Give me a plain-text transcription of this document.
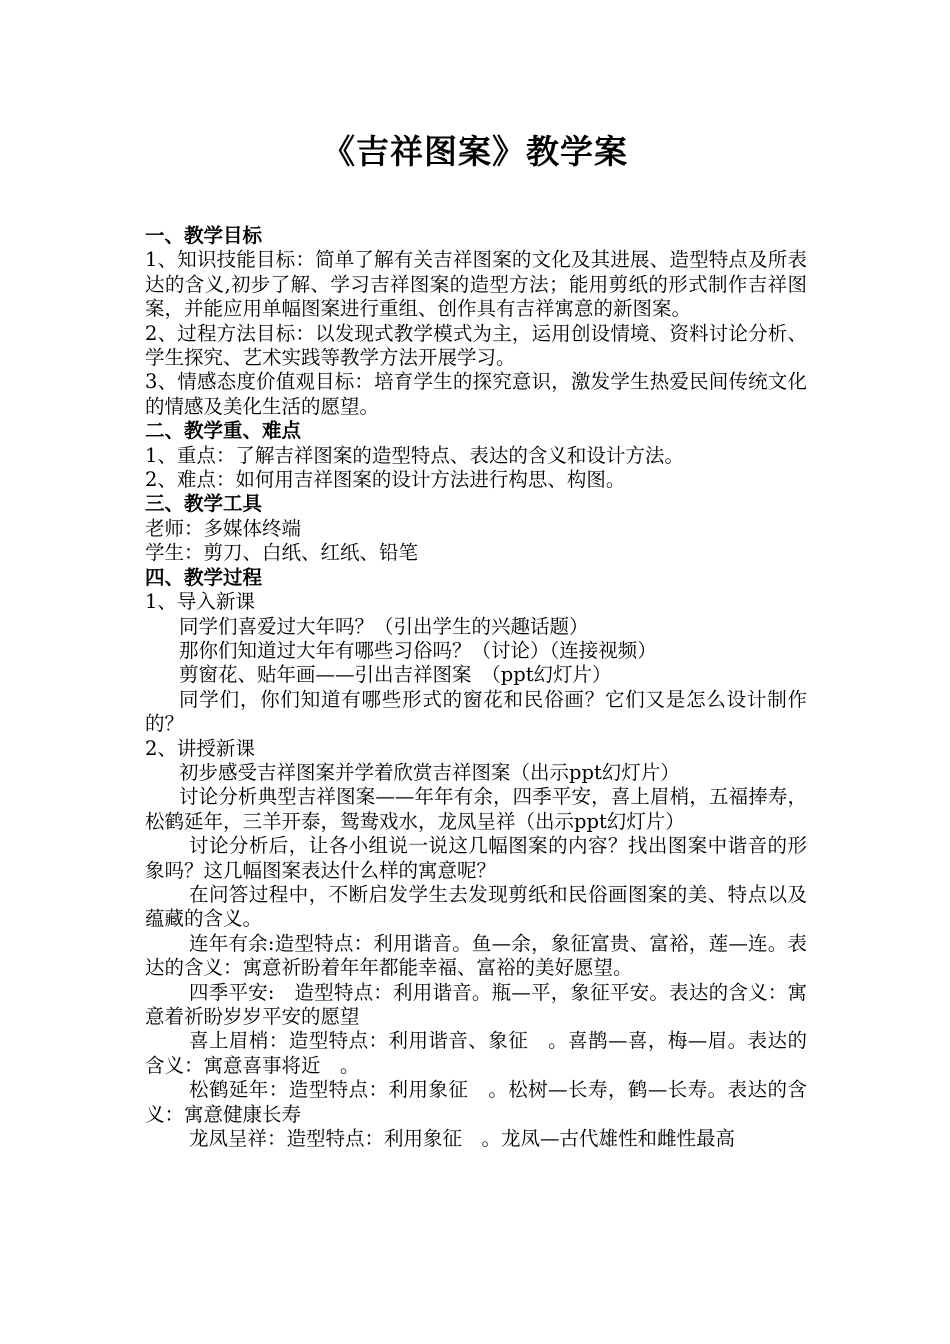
《吉祥图案》教学案

一、教学目标

1、知识技能目标：简单了解有关吉祥图案的文化及其进展、造型特点及所表达的含义,初步了解、学习吉祥图案的造型方法；能用剪纸的形式制作吉祥图案，并能应用单幅图案进行重组、创作具有吉祥寓意的新图案。

2、过程方法目标：以发现式教学模式为主，运用创设情境、资料讨论分析、学生探究、艺术实践等教学方法开展学习。

3、情感态度价值观目标：培育学生的探究意识，激发学生热爱民间传统文化的情感及美化生活的愿望。

二、教学重、难点

1、重点：了解吉祥图案的造型特点、表达的含义和设计方法。

2、难点：如何用吉祥图案的设计方法进行构思、构图。

三、教学工具

老师：多媒体终端

学生：剪刀、白纸、红纸、铅笔

四、教学过程

1、导入新课

同学们喜爱过大年吗？（引出学生的兴趣话题）

那你们知道过大年有哪些习俗吗？（讨论）（连接视频）

剪窗花、贴年画——引出吉祥图案　（ppt幻灯片）

同学们，你们知道有哪些形式的窗花和民俗画？它们又是怎么设计制作的？

2、讲授新课

初步感受吉祥图案并学着欣赏吉祥图案（出示ppt幻灯片）

讨论分析典型吉祥图案——年年有余，四季平安，喜上眉梢，五福捧寿，松鹤延年，三羊开泰，鸳鸯戏水，龙凤呈祥（出示ppt幻灯片）

讨论分析后，让各小组说一说这几幅图案的内容？找出图案中谐音的形象吗？这几幅图案表达什么样的寓意呢？

在问答过程中，不断启发学生去发现剪纸和民俗画图案的美、特点以及蕴藏的含义。

连年有余:造型特点：利用谐音。鱼—余，象征富贵、富裕，莲—连。表达的含义：寓意祈盼着年年都能幸福、富裕的美好愿望。

四季平安:　造型特点：利用谐音。瓶—平，象征平安。表达的含义：寓意着祈盼岁岁平安的愿望

喜上眉梢：造型特点：利用谐音、象征　。喜鹊—喜，梅—眉。表达的含义：寓意喜事将近　。

松鹤延年：造型特点：利用象征　。松树—长寿，鹤—长寿。表达的含义：寓意健康长寿

龙凤呈祥：造型特点：利用象征　。龙凤—古代雄性和雌性最高
